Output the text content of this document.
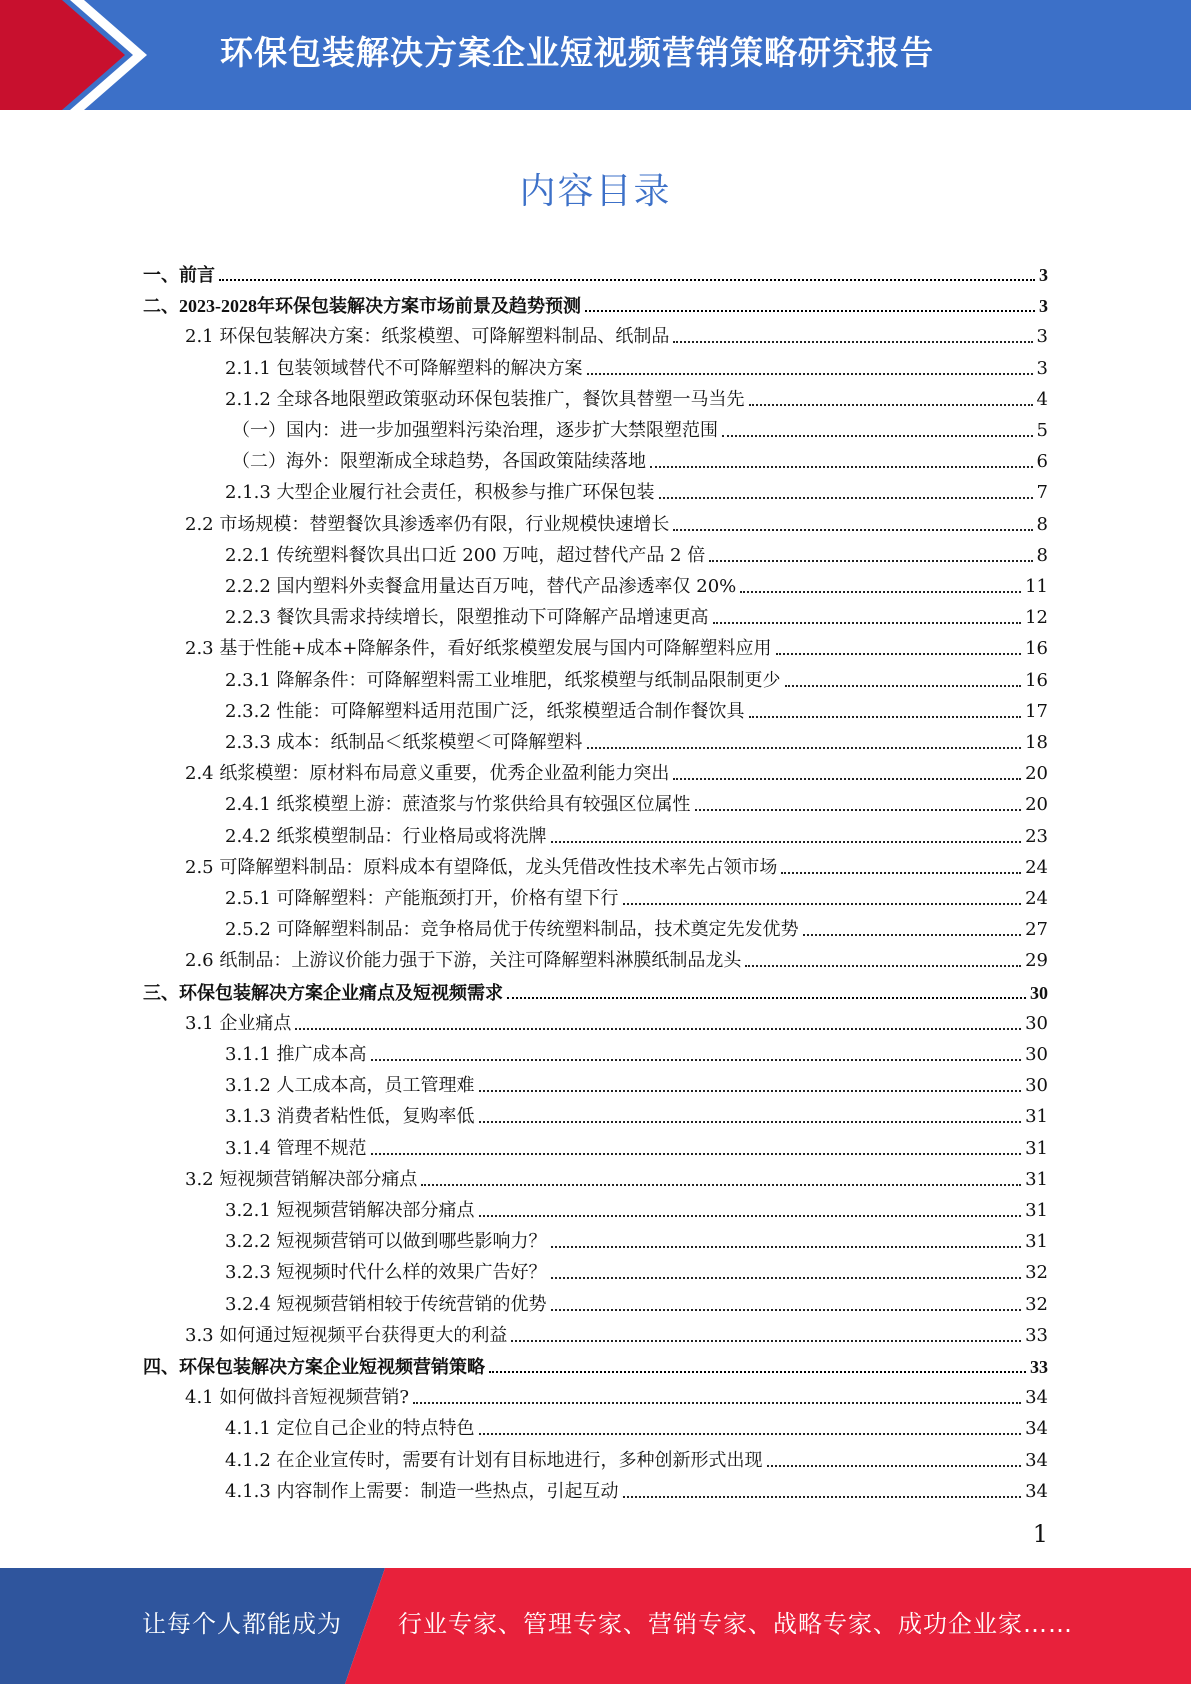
环保包装解决方案企业短视频营销策略研究报告
内容目录
一、前言	3
二、2023-2028年环保包装解决方案市场前景及趋势预测	3
2.1 环保包装解决方案：纸浆模塑、可降解塑料制品、纸制品	3
2.1.1 包装领域替代不可降解塑料的解决方案	3
2.1.2 全球各地限塑政策驱动环保包装推广，餐饮具替塑一马当先	4
（一）国内：进一步加强塑料污染治理，逐步扩大禁限塑范围	5
（二）海外：限塑渐成全球趋势，各国政策陆续落地	6
2.1.3 大型企业履行社会责任，积极参与推广环保包装	7
2.2 市场规模：替塑餐饮具渗透率仍有限，行业规模快速增长	8
2.2.1 传统塑料餐饮具出口近 200 万吨，超过替代产品 2 倍	8
2.2.2 国内塑料外卖餐盒用量达百万吨，替代产品渗透率仅 20%	11
2.2.3 餐饮具需求持续增长，限塑推动下可降解产品增速更高	12
2.3 基于性能+成本+降解条件，看好纸浆模塑发展与国内可降解塑料应用	16
2.3.1 降解条件：可降解塑料需工业堆肥，纸浆模塑与纸制品限制更少	16
2.3.2 性能：可降解塑料适用范围广泛，纸浆模塑适合制作餐饮具	17
2.3.3 成本：纸制品＜纸浆模塑＜可降解塑料	18
2.4 纸浆模塑：原材料布局意义重要，优秀企业盈利能力突出	20
2.4.1 纸浆模塑上游：蔗渣浆与竹浆供给具有较强区位属性	20
2.4.2 纸浆模塑制品：行业格局或将洗牌	23
2.5 可降解塑料制品：原料成本有望降低，龙头凭借改性技术率先占领市场	24
2.5.1 可降解塑料：产能瓶颈打开，价格有望下行	24
2.5.2 可降解塑料制品：竞争格局优于传统塑料制品，技术奠定先发优势	27
2.6 纸制品：上游议价能力强于下游，关注可降解塑料淋膜纸制品龙头	29
三、环保包装解决方案企业痛点及短视频需求	30
3.1 企业痛点	30
3.1.1 推广成本高	30
3.1.2 人工成本高，员工管理难	30
3.1.3 消费者粘性低，复购率低	31
3.1.4 管理不规范	31
3.2 短视频营销解决部分痛点	31
3.2.1 短视频营销解决部分痛点	31
3.2.2 短视频营销可以做到哪些影响力？	31
3.2.3 短视频时代什么样的效果广告好？	32
3.2.4 短视频营销相较于传统营销的优势	32
3.3 如何通过短视频平台获得更大的利益	33
四、环保包装解决方案企业短视频营销策略	33
4.1 如何做抖音短视频营销?	34
4.1.1 定位自己企业的特点特色	34
4.1.2 在企业宣传时，需要有计划有目标地进行，多种创新形式出现	34
4.1.3 内容制作上需要：制造一些热点，引起互动	34
1
让每个人都能成为 行业专家、管理专家、营销专家、战略专家、成功企业家……
